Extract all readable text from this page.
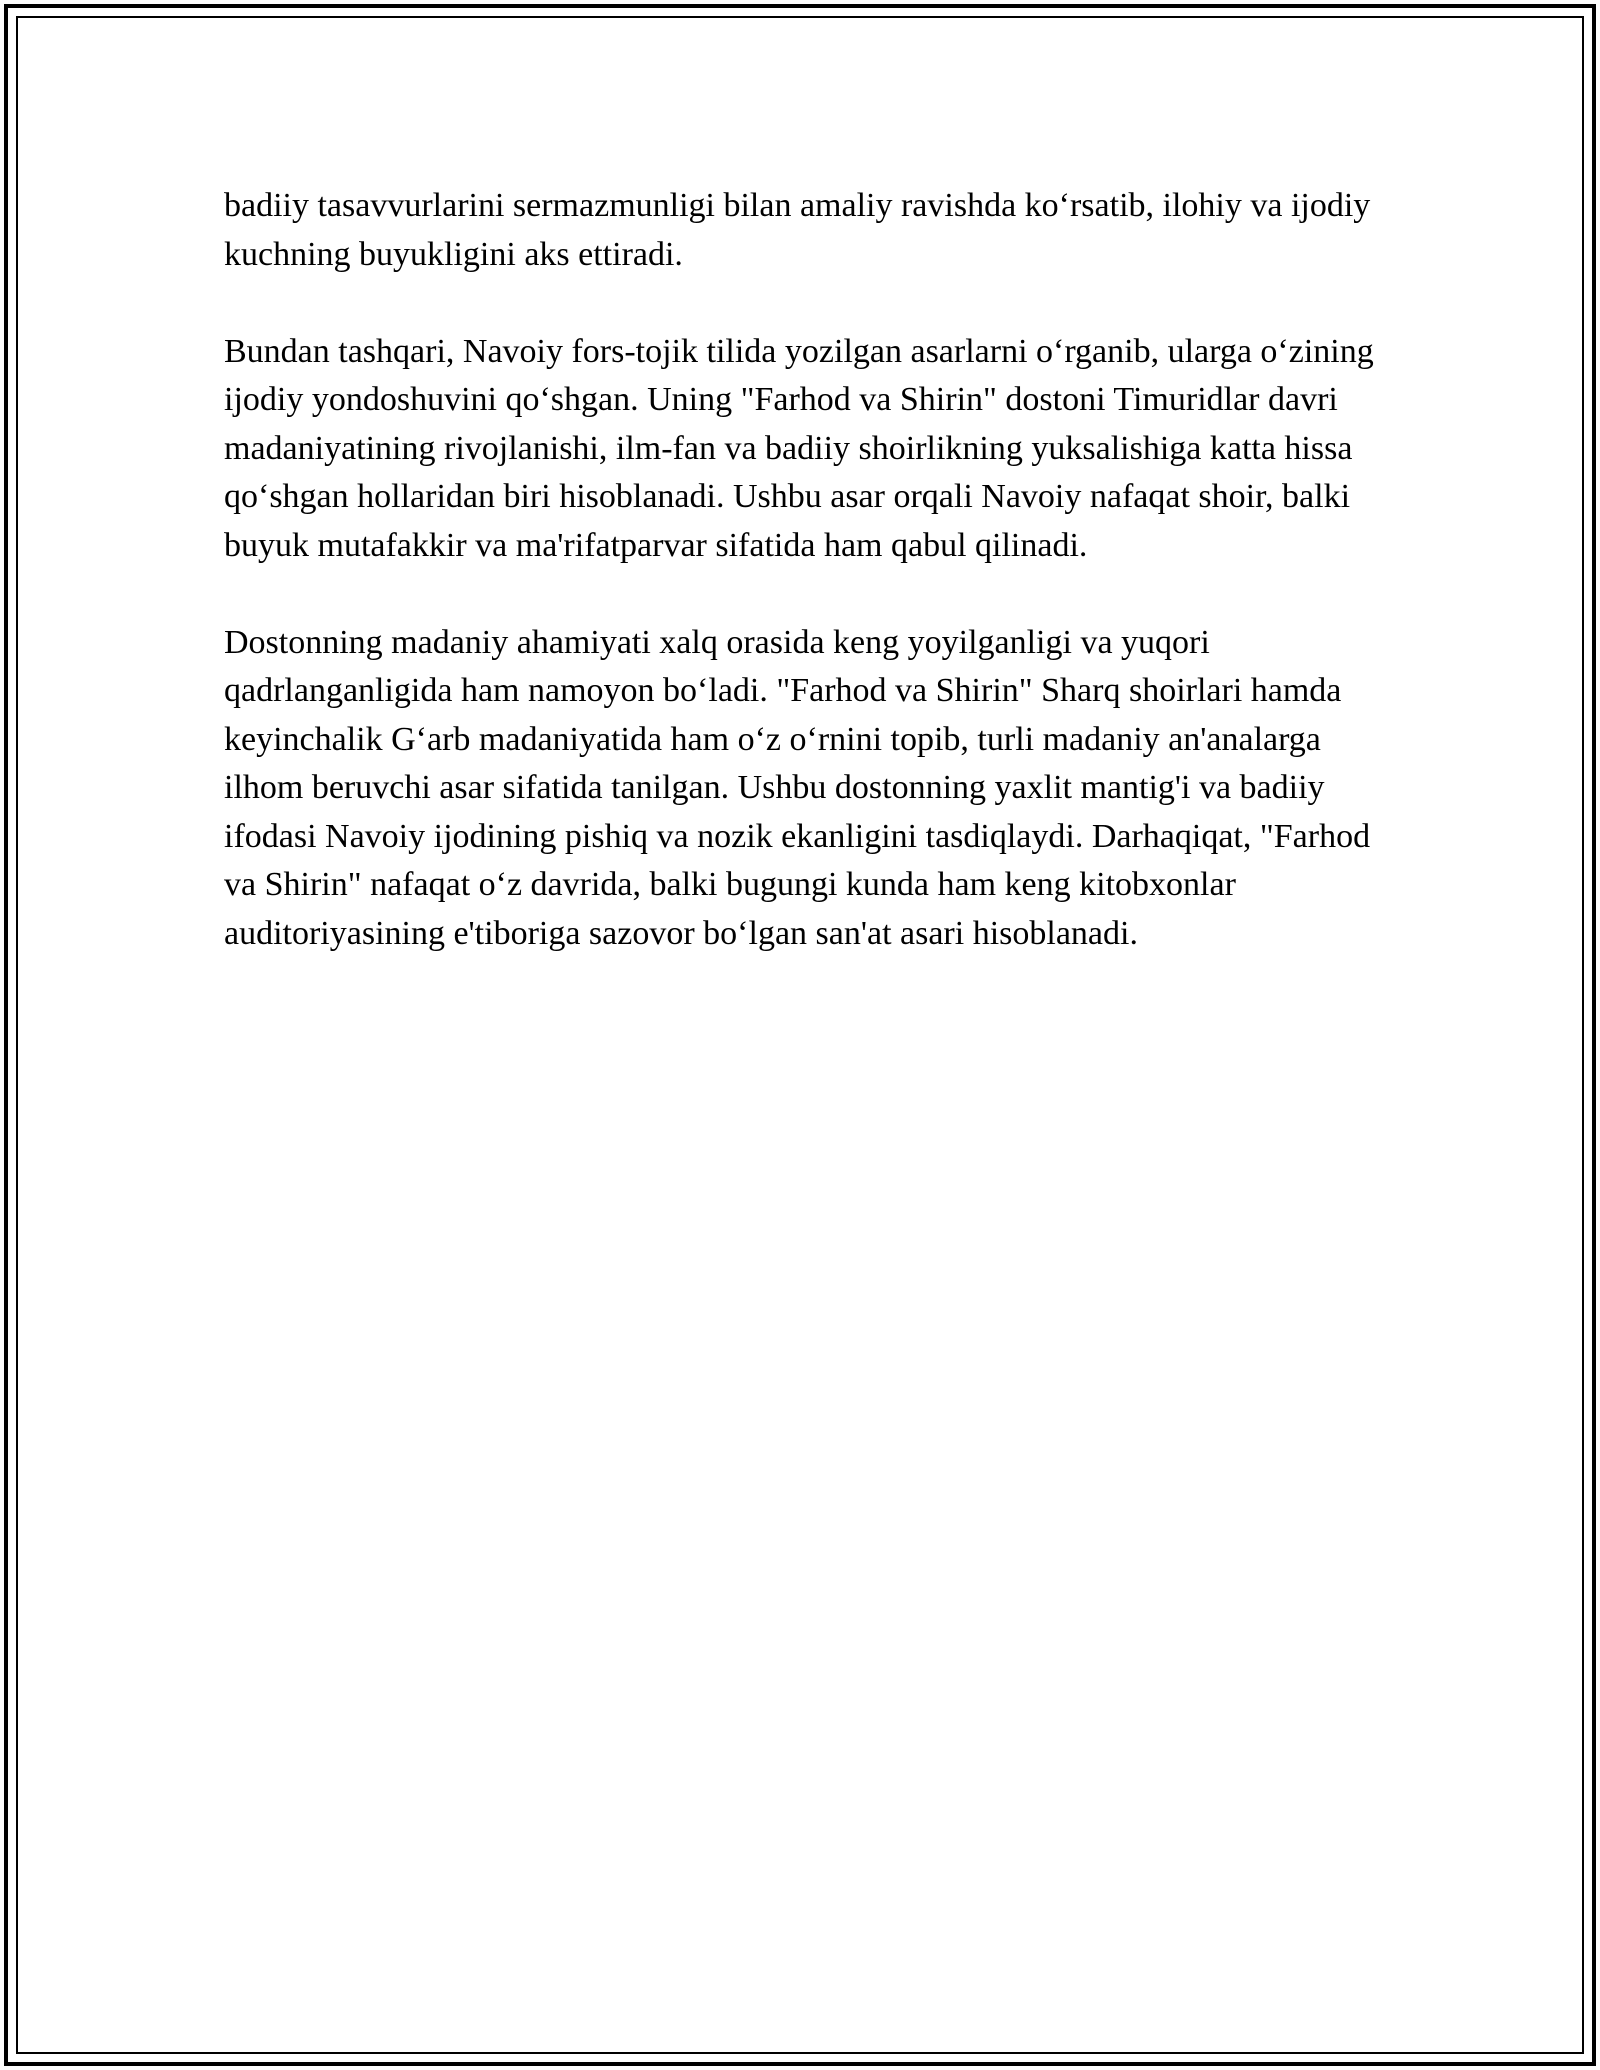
badiiy tasavvurlarini sermazmunligi bilan amaliy ravishda ko‘rsatib, ilohiy va ijodiy kuchning buyukligini aks ettiradi.

Bundan tashqari, Navoiy fors-tojik tilida yozilgan asarlarni o‘rganib, ularga o‘zining ijodiy yondoshuvini qo‘shgan. Uning "Farhod va Shirin" dostoni Timuridlar davri madaniyatining rivojlanishi, ilm-fan va badiiy shoirlikning yuksalishiga katta hissa qo‘shgan hollaridan biri hisoblanadi. Ushbu asar orqali Navoiy nafaqat shoir, balki buyuk mutafakkir va ma'rifatparvar sifatida ham qabul qilinadi.

Dostonning madaniy ahamiyati xalq orasida keng yoyilganligi va yuqori qadrlanganligida ham namoyon bo‘ladi. "Farhod va Shirin" Sharq shoirlari hamda keyinchalik G‘arb madaniyatida ham o‘z o‘rnini topib, turli madaniy an'analarga ilhom beruvchi asar sifatida tanilgan. Ushbu dostonning yaxlit mantig'i va badiiy ifodasi Navoiy ijodining pishiq va nozik ekanligini tasdiqlaydi. Darhaqiqat, "Farhod va Shirin" nafaqat o‘z davrida, balki bugungi kunda ham keng kitobxonlar auditoriyasining e'tiboriga sazovor bo‘lgan san'at asari hisoblanadi.
